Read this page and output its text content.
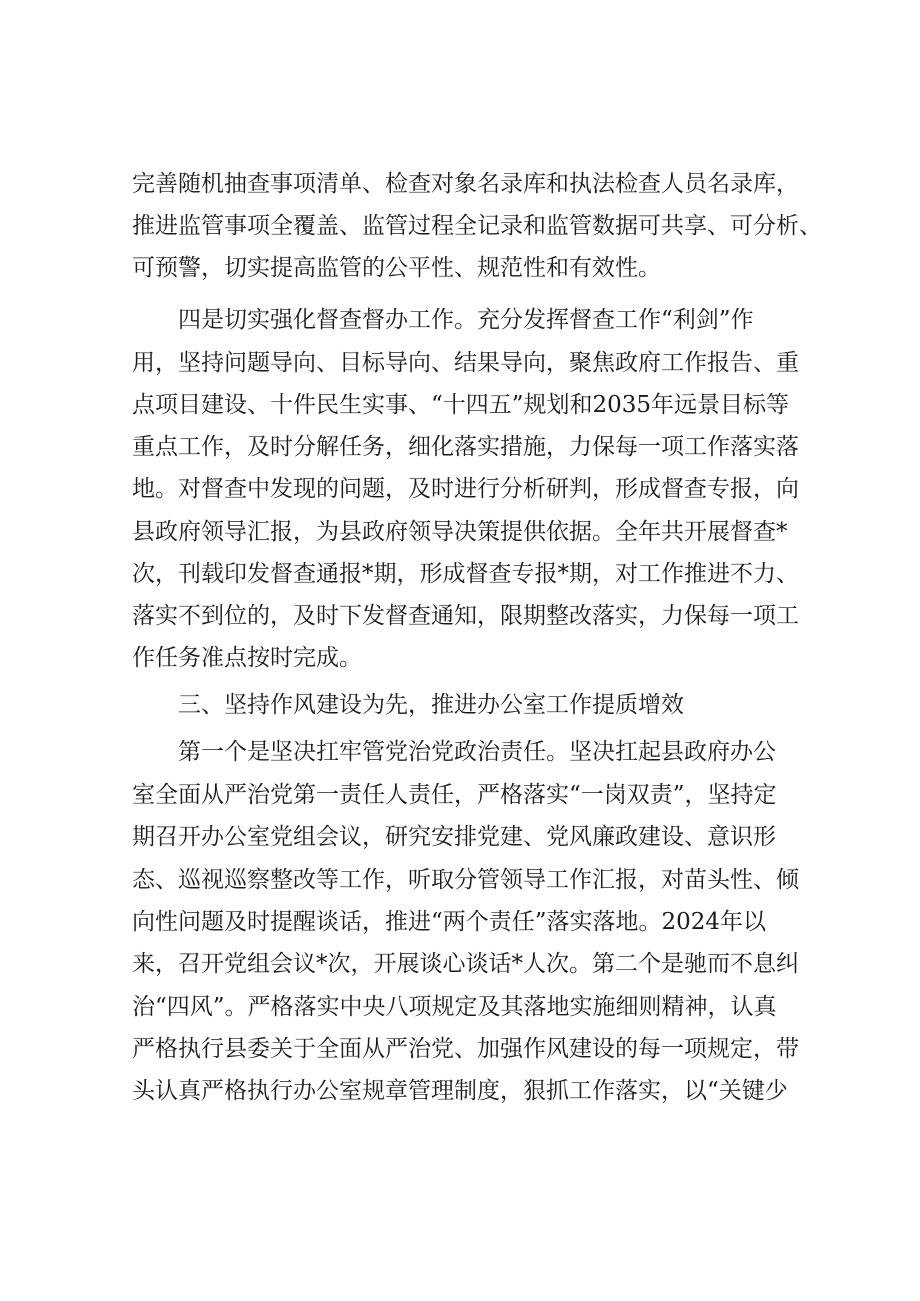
完善随机抽查事项清单、检查对象名录库和执法检查人员名录库，
推进监管事项全覆盖、监管过程全记录和监管数据可共享、可分析、
可预警，切实提高监管的公平性、规范性和有效性。
四是切实强化督查督办工作。充分发挥督查工作“利剑”作
用，坚持问题导向、目标导向、结果导向，聚焦政府工作报告、重
点项目建设、十件民生实事、“十四五”规划和2035年远景目标等
重点工作，及时分解任务，细化落实措施，力保每一项工作落实落
地。对督查中发现的问题，及时进行分析研判，形成督查专报，向
县政府领导汇报，为县政府领导决策提供依据。全年共开展督查*
次，刊载印发督查通报*期，形成督查专报*期，对工作推进不力、
落实不到位的，及时下发督查通知，限期整改落实，力保每一项工
作任务准点按时完成。
三、坚持作风建设为先，推进办公室工作提质增效
第一个是坚决扛牢管党治党政治责任。坚决扛起县政府办公
室全面从严治党第一责任人责任，严格落实“一岗双责”，坚持定
期召开办公室党组会议，研究安排党建、党风廉政建设、意识形
态、巡视巡察整改等工作，听取分管领导工作汇报，对苗头性、倾
向性问题及时提醒谈话，推进“两个责任”落实落地。2024年以
来，召开党组会议*次，开展谈心谈话*人次。第二个是驰而不息纠
治“四风”。严格落实中央八项规定及其落地实施细则精神，认真
严格执行县委关于全面从严治党、加强作风建设的每一项规定，带
头认真严格执行办公室规章管理制度，狠抓工作落实，以“关键少
